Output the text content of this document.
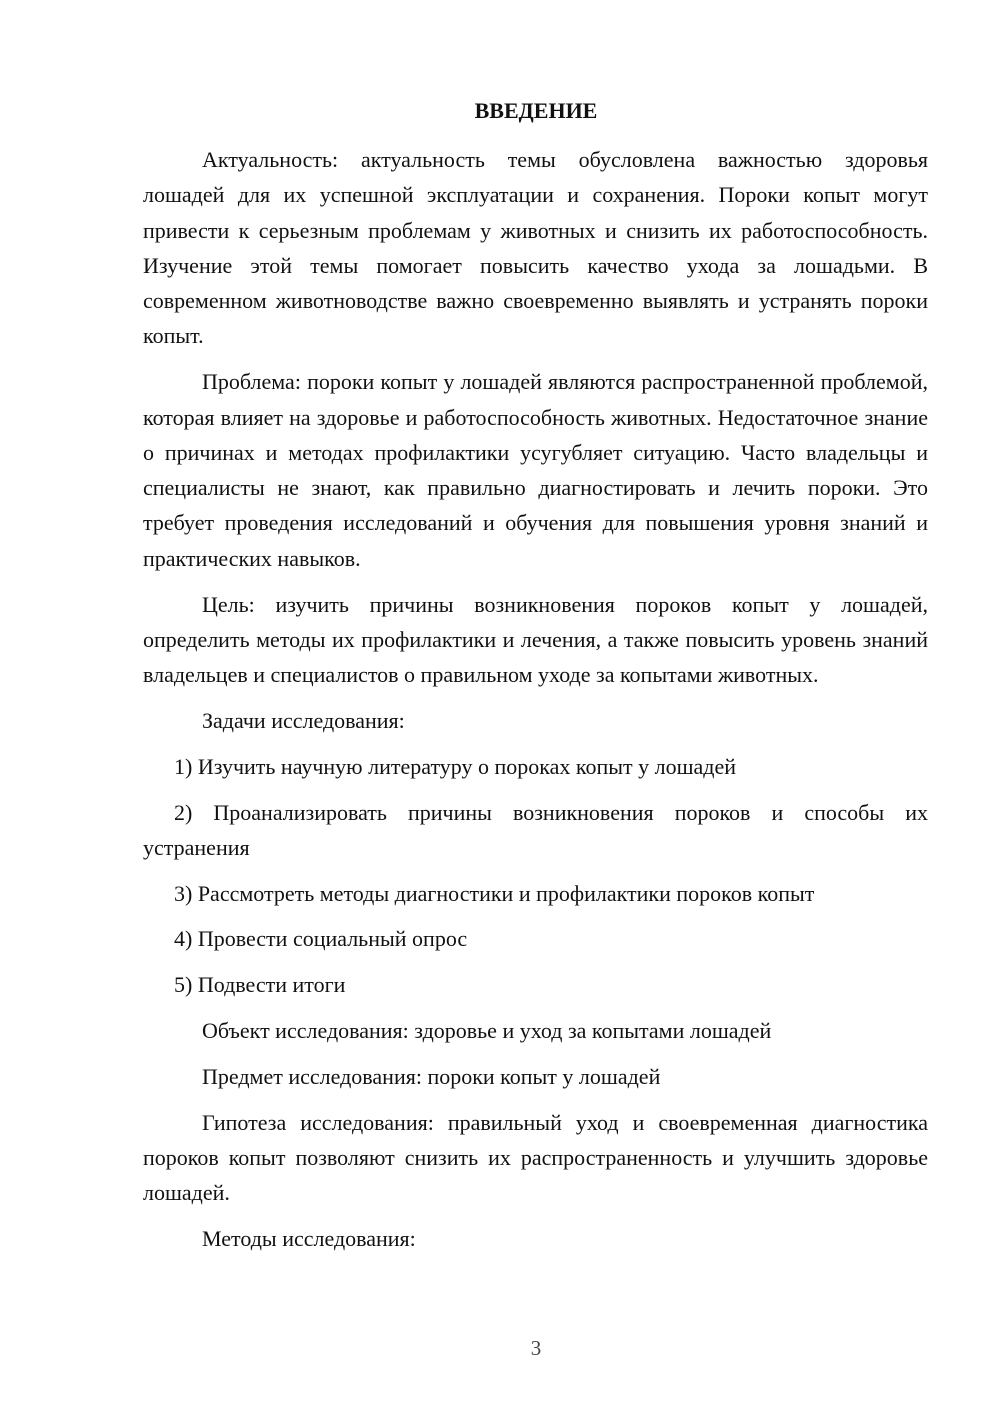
ВВЕДЕНИЕ

Актуальность: актуальность темы обусловлена важностью здоровья лошадей для их успешной эксплуатации и сохранения. Пороки копыт могут привести к серьезным проблемам у животных и снизить их работоспособность. Изучение этой темы помогает повысить качество ухода за лошадьми. В современном животноводстве важно своевременно выявлять и устранять пороки копыт.

Проблема: пороки копыт у лошадей являются распространенной проблемой, которая влияет на здоровье и работоспособность животных. Недостаточное знание о причинах и методах профилактики усугубляет ситуацию. Часто владельцы и специалисты не знают, как правильно диагностировать и лечить пороки. Это требует проведения исследований и обучения для повышения уровня знаний и практических навыков.

Цель: изучить причины возникновения пороков копыт у лошадей, определить методы их профилактики и лечения, а также повысить уровень знаний владельцев и специалистов о правильном уходе за копытами животных.

Задачи исследования:

1) Изучить научную литературу о пороках копыт у лошадей

2) Проанализировать причины возникновения пороков и способы их устранения

3) Рассмотреть методы диагностики и профилактики пороков копыт

4) Провести социальный опрос

5) Подвести итоги

Объект исследования: здоровье и уход за копытами лошадей

Предмет исследования: пороки копыт у лошадей

Гипотеза исследования: правильный уход и своевременная диагностика пороков копыт позволяют снизить их распространенность и улучшить здоровье лошадей.

Методы исследования:

3
